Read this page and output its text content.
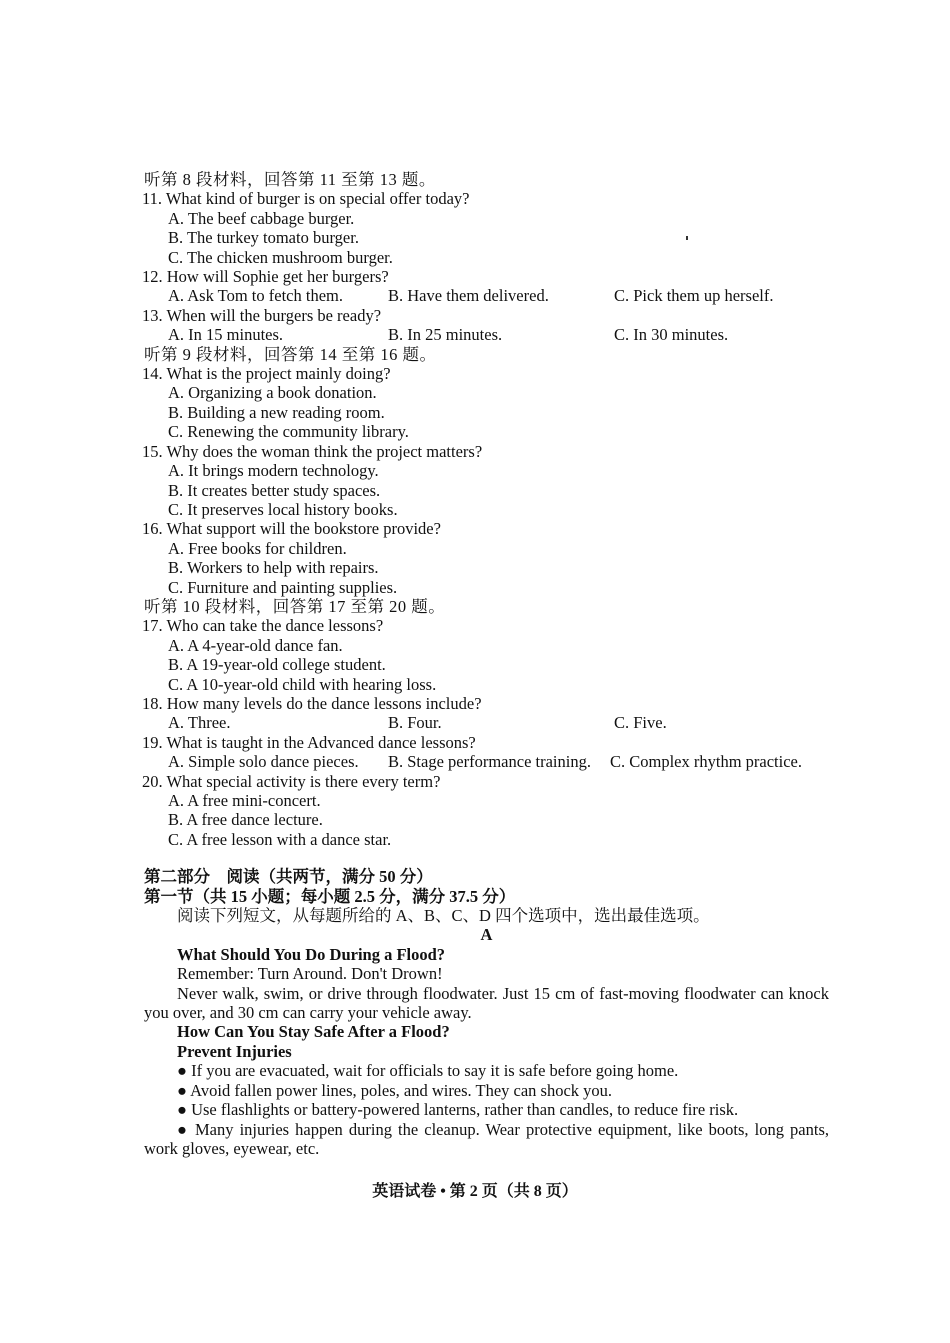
听第 8 段材料，回答第 11 至第 13 题。
11. What kind of burger is on special offer today?
A. The beef cabbage burger.
B. The turkey tomato burger.
C. The chicken mushroom burger.
12. How will Sophie get her burgers?
A. Ask Tom to fetch them.	B. Have them delivered.	C. Pick them up herself.
13. When will the burgers be ready?
A. In 15 minutes.	B. In 25 minutes.	C. In 30 minutes.
听第 9 段材料，回答第 14 至第 16 题。
14. What is the project mainly doing?
A. Organizing a book donation.
B. Building a new reading room.
C. Renewing the community library.
15. Why does the woman think the project matters?
A. It brings modern technology.
B. It creates better study spaces.
C. It preserves local history books.
16. What support will the bookstore provide?
A. Free books for children.
B. Workers to help with repairs.
C. Furniture and painting supplies.
听第 10 段材料，回答第 17 至第 20 题。
17. Who can take the dance lessons?
A. A 4-year-old dance fan.
B. A 19-year-old college student.
C. A 10-year-old child with hearing loss.
18. How many levels do the dance lessons include?
A. Three.	B. Four.	C. Five.
19. What is taught in the Advanced dance lessons?
A. Simple solo dance pieces.	B. Stage performance training.	C. Complex rhythm practice.
20. What special activity is there every term?
A. A free mini-concert.
B. A free dance lecture.
C. A free lesson with a dance star.
第二部分　阅读（共两节，满分 50 分）
第一节（共 15 小题；每小题 2.5 分，满分 37.5 分）
阅读下列短文，从每题所给的 A、B、C、D 四个选项中，选出最佳选项。
A
What Should You Do During a Flood?
Remember: Turn Around. Don't Drown!
Never walk, swim, or drive through floodwater. Just 15 cm of fast-moving floodwater can knock you over, and 30 cm can carry your vehicle away.
How Can You Stay Safe After a Flood?
Prevent Injuries
● If you are evacuated, wait for officials to say it is safe before going home.
● Avoid fallen power lines, poles, and wires. They can shock you.
● Use flashlights or battery-powered lanterns, rather than candles, to reduce fire risk.
● Many injuries happen during the cleanup. Wear protective equipment, like boots, long pants, work gloves, eyewear, etc.
英语试卷 • 第 2 页（共 8 页）
